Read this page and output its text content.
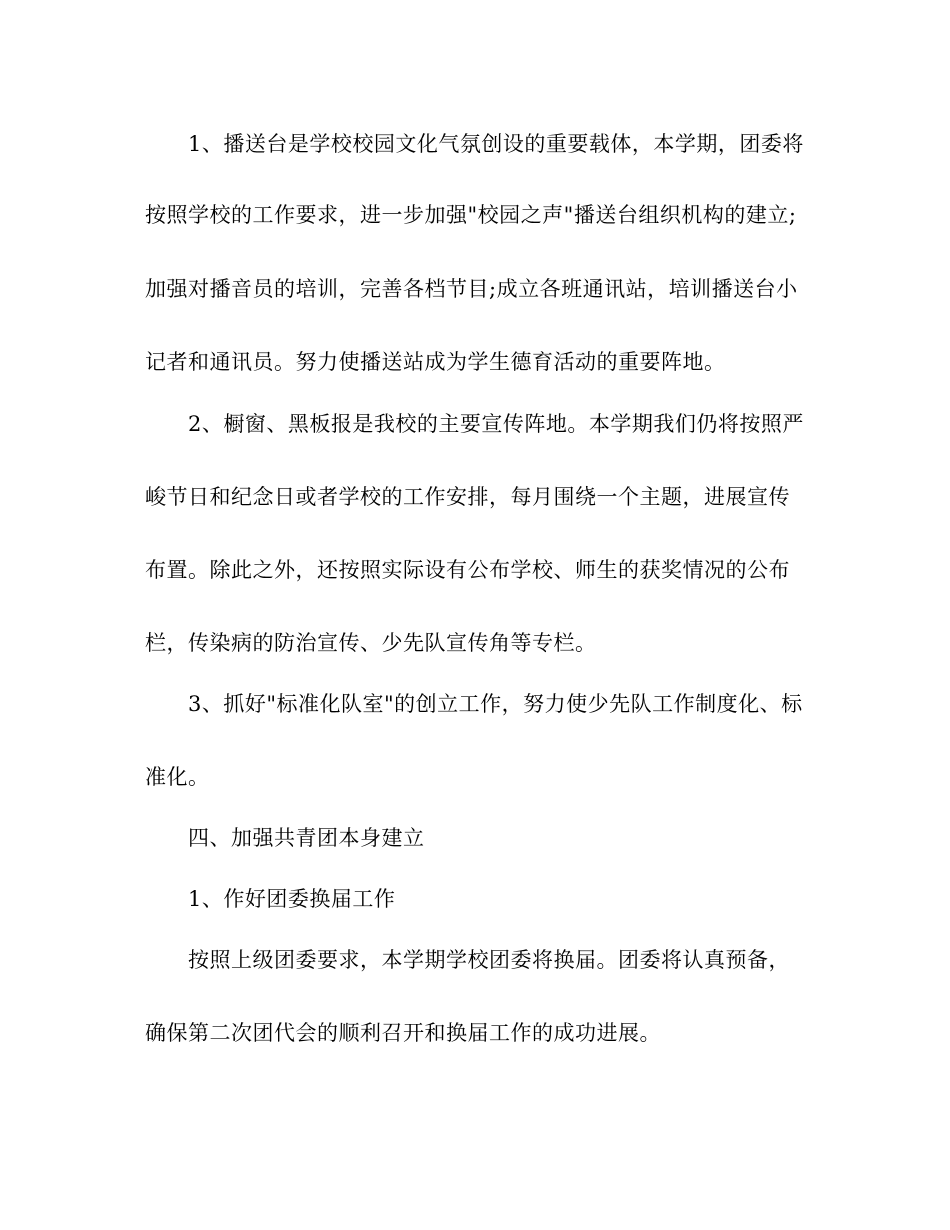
1、播送台是学校校园文化气氛创设的重要载体，本学期，团委将
按照学校的工作要求，进一步加强"校园之声"播送台组织机构的建立;
加强对播音员的培训，完善各档节目;成立各班通讯站，培训播送台小
记者和通讯员。努力使播送站成为学生德育活动的重要阵地。
2、橱窗、黑板报是我校的主要宣传阵地。本学期我们仍将按照严
峻节日和纪念日或者学校的工作安排，每月围绕一个主题，进展宣传
布置。除此之外，还按照实际设有公布学校、师生的获奖情况的公布
栏，传染病的防治宣传、少先队宣传角等专栏。
3、抓好"标准化队室"的创立工作，努力使少先队工作制度化、标
准化。
四、加强共青团本身建立
1、作好团委换届工作
按照上级团委要求，本学期学校团委将换届。团委将认真预备，
确保第二次团代会的顺利召开和换届工作的成功进展。
